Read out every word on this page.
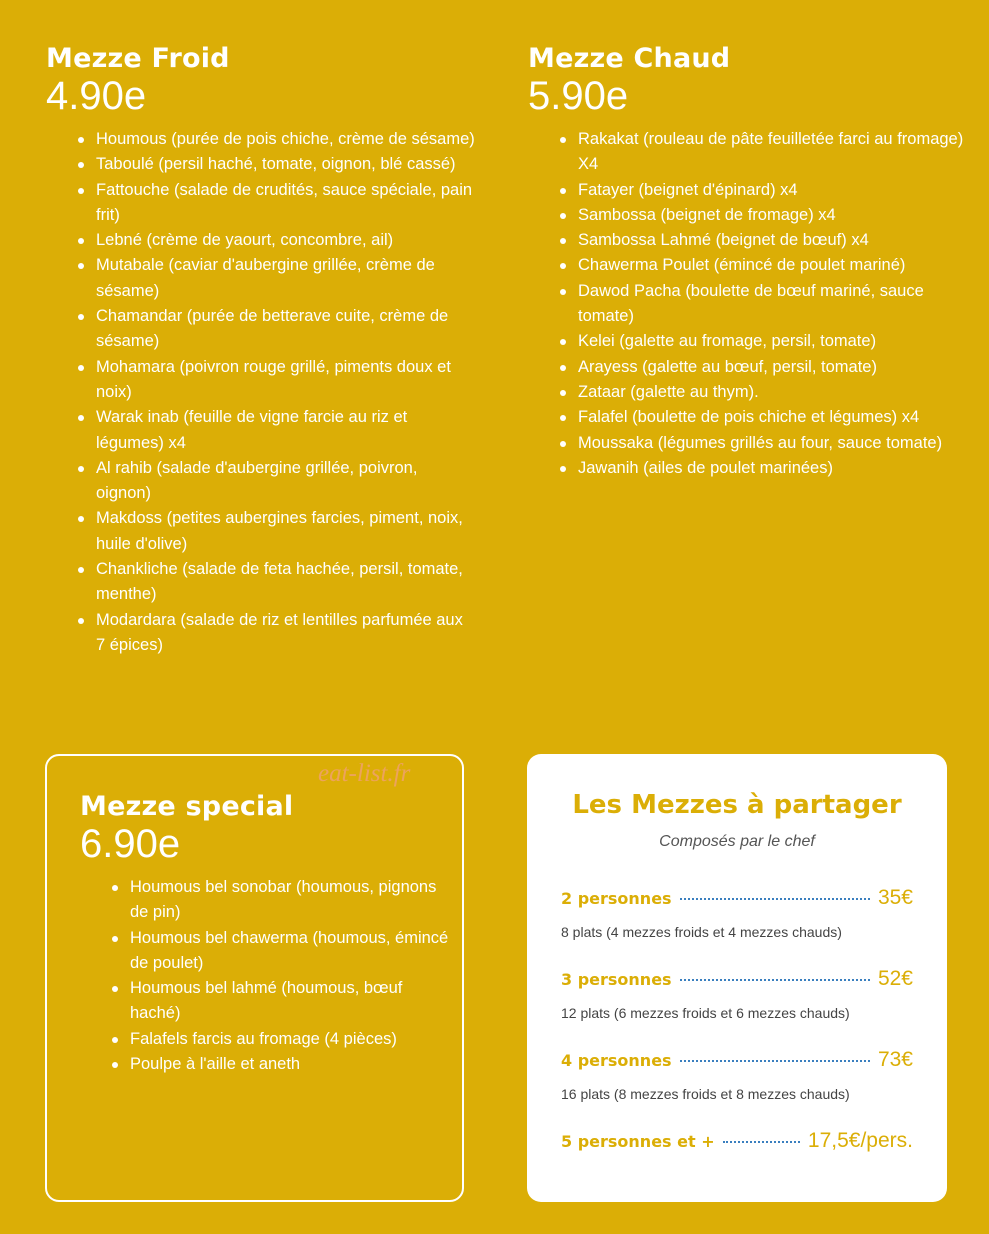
Mezze Froid
4.90e
Houmous (purée de pois chiche, crème de sésame)
Taboulé (persil haché, tomate, oignon, blé cassé)
Fattouche (salade de crudités, sauce spéciale, pain frit)
Lebné (crème de yaourt, concombre, ail)
Mutabale (caviar d'aubergine grillée, crème de sésame)
Chamandar (purée de betterave cuite, crème de sésame)
Mohamara (poivron rouge grillé, piments doux et noix)
Warak inab (feuille de vigne farcie au riz et légumes) x4
Al rahib (salade d'aubergine grillée, poivron, oignon)
Makdoss (petites aubergines farcies, piment, noix, huile d'olive)
Chankliche (salade de feta hachée, persil, tomate, menthe)
Modardara (salade de riz et lentilles parfumée aux 7 épices)
Mezze Chaud
5.90e
Rakakat (rouleau de pâte feuilletée farci au fromage) X4
Fatayer (beignet d'épinard) x4
Sambossa (beignet de fromage) x4
Sambossa Lahmé (beignet de bœuf) x4
Chawerma Poulet (émincé de poulet mariné)
Dawod Pacha (boulette de bœuf mariné, sauce tomate)
Kelei (galette au fromage, persil, tomate)
Arayess (galette au bœuf, persil, tomate)
Zataar (galette au thym).
Falafel (boulette de pois chiche et légumes) x4
Moussaka (légumes grillés au four, sauce tomate)
Jawanih (ailes de poulet marinées)
Mezze special
6.90e
Houmous bel sonobar (houmous, pignons de pin)
Houmous bel chawerma (houmous, émincé de poulet)
Houmous bel lahmé (houmous, bœuf haché)
Falafels farcis au fromage (4 pièces)
Poulpe à l'aille et aneth
eat-list.fr
Les Mezzes à partager
Composés par le chef
2 personnes	35€
8 plats (4 mezzes froids et 4 mezzes chauds)
3 personnes	52€
12 plats (6 mezzes froids et 6 mezzes chauds)
4 personnes	73€
16 plats (8 mezzes froids et 8 mezzes chauds)
5 personnes et +	17,5€/pers.
